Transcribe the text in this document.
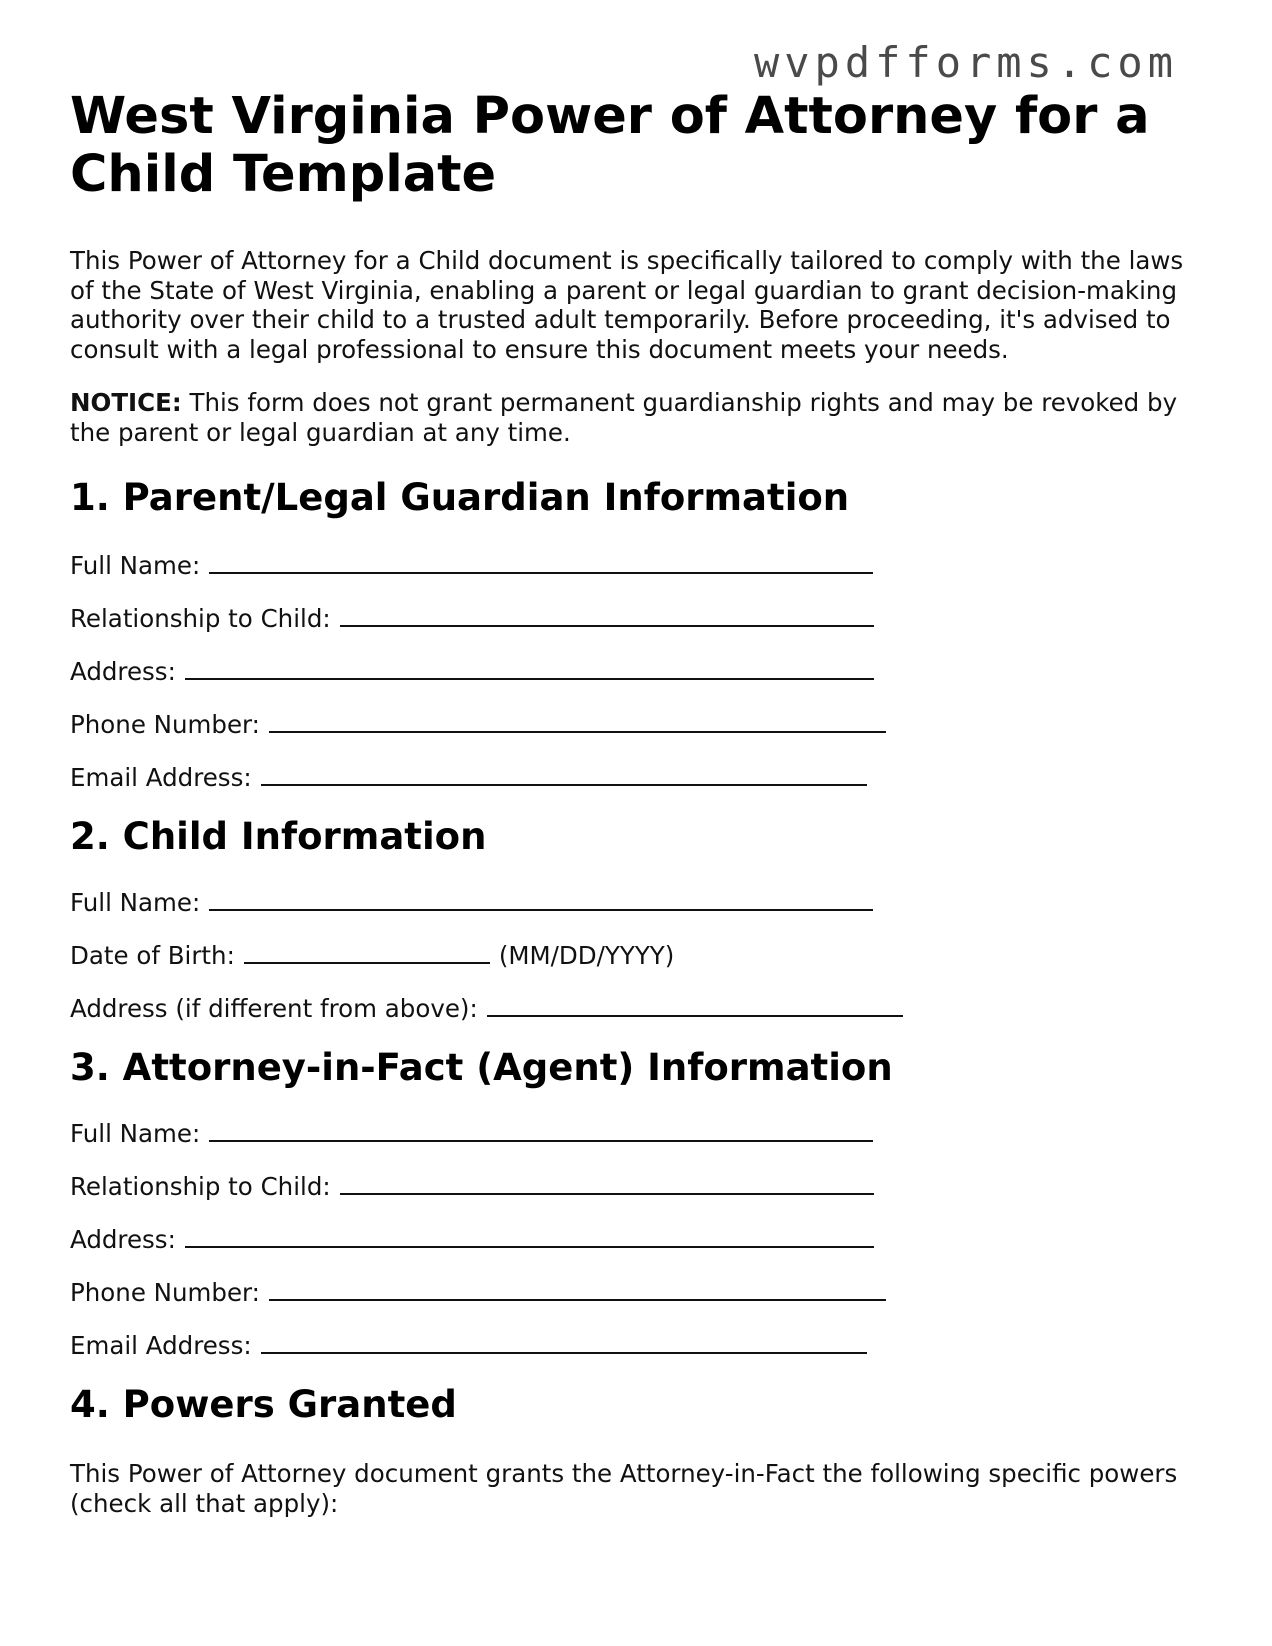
wvpdfforms.com
West Virginia Power of Attorney for a
Child Template

This Power of Attorney for a Child document is specifically tailored to comply with the laws
of the State of West Virginia, enabling a parent or legal guardian to grant decision-making
authority over their child to a trusted adult temporarily. Before proceeding, it's advised to
consult with a legal professional to ensure this document meets your needs.

NOTICE: This form does not grant permanent guardianship rights and may be revoked by
the parent or legal guardian at any time.

1. Parent/Legal Guardian Information
Full Name:
Relationship to Child:
Address:
Phone Number:
Email Address:
2. Child Information
Full Name:
Date of Birth:	(MM/DD/YYYY)
Address (if different from above):
3. Attorney-in-Fact (Agent) Information
Full Name:
Relationship to Child:
Address:
Phone Number:
Email Address:
4. Powers Granted

This Power of Attorney document grants the Attorney-in-Fact the following specific powers
(check all that apply):
